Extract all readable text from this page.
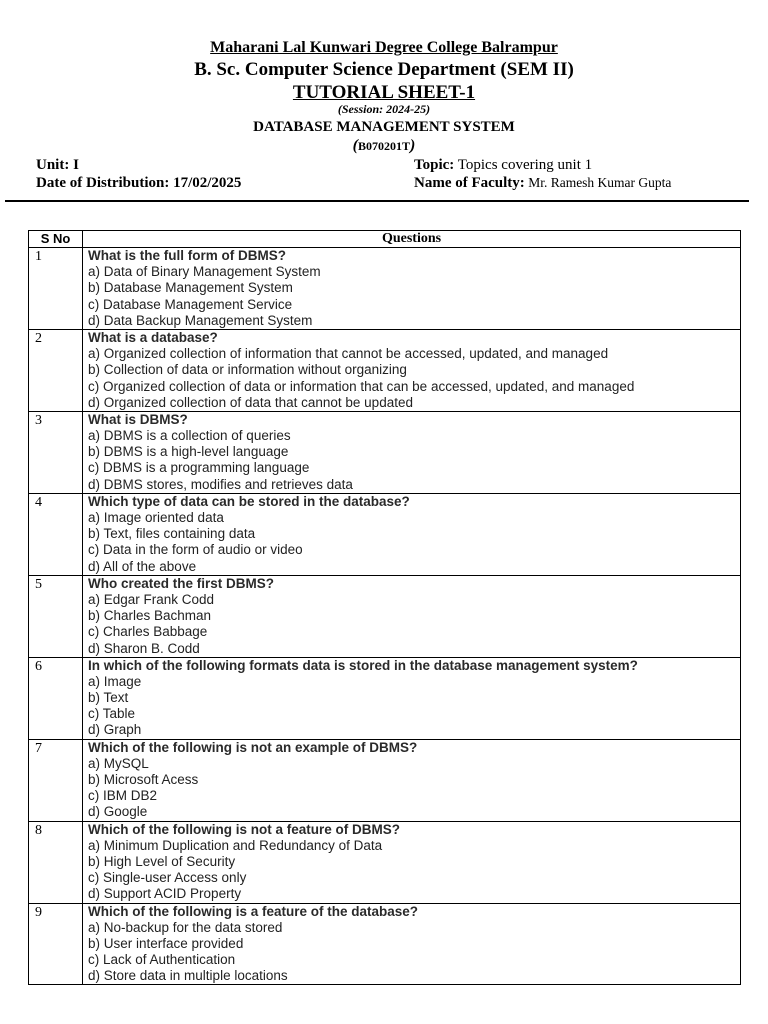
Maharani Lal Kunwari Degree College Balrampur
B. Sc. Computer Science Department (SEM II)
TUTORIAL SHEET-1
(Session: 2024-25)
DATABASE MANAGEMENT SYSTEM
(B070201T)
Unit: I
Date of Distribution: 17/02/2025
Topic: Topics covering unit 1
Name of Faculty: Mr. Ramesh Kumar Gupta
S No	Questions
1	What is the full form of DBMS?
a) Data of Binary Management System
b) Database Management System
c) Database Management Service
d) Data Backup Management System

2	What is a database?
a) Organized collection of information that cannot be accessed, updated, and managed
b) Collection of data or information without organizing
c) Organized collection of data or information that can be accessed, updated, and managed
d) Organized collection of data that cannot be updated

3	What is DBMS?
a) DBMS is a collection of queries
b) DBMS is a high-level language
c) DBMS is a programming language
d) DBMS stores, modifies and retrieves data

4	Which type of data can be stored in the database?
a) Image oriented data
b) Text, files containing data
c) Data in the form of audio or video
d) All of the above

5	Who created the first DBMS?
a) Edgar Frank Codd
b) Charles Bachman
c) Charles Babbage
d) Sharon B. Codd

6	In which of the following formats data is stored in the database management system?
a) Image
b) Text
c) Table
d) Graph

7	Which of the following is not an example of DBMS?
a) MySQL
b) Microsoft Acess
c) IBM DB2
d) Google

8	Which of the following is not a feature of DBMS?
a) Minimum Duplication and Redundancy of Data
b) High Level of Security
c) Single-user Access only
d) Support ACID Property

9	Which of the following is a feature of the database?
a) No-backup for the data stored
b) User interface provided
c) Lack of Authentication
d) Store data in multiple locations
